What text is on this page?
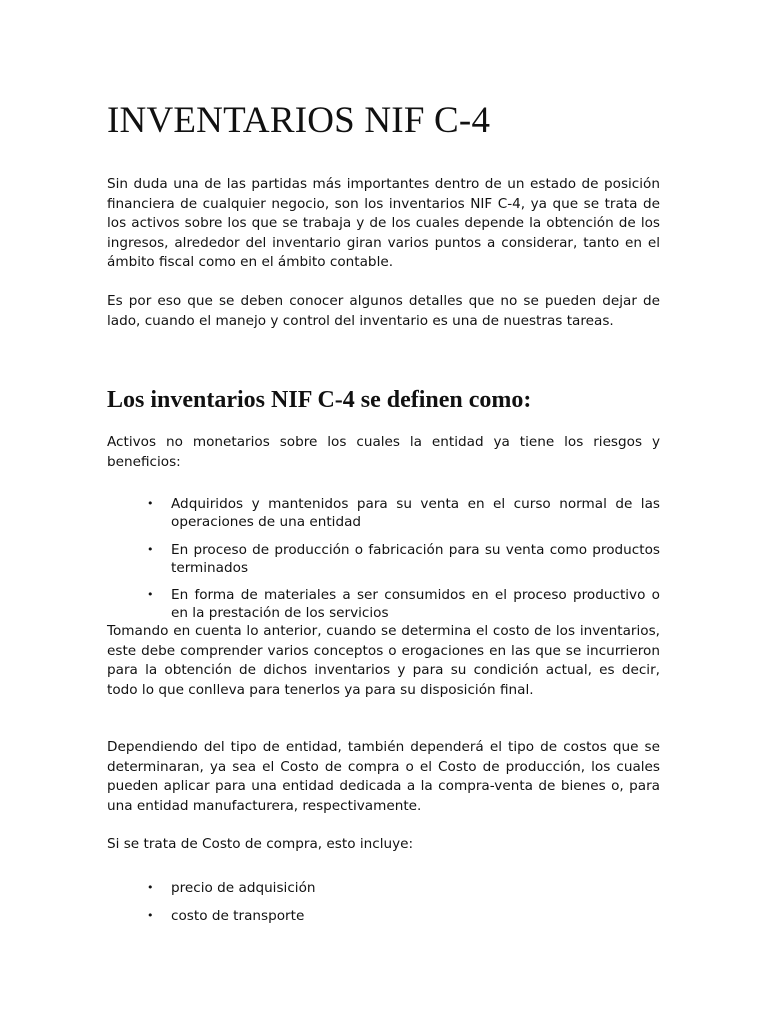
INVENTARIOS NIF C-4

Sin duda una de las partidas más importantes dentro de un estado de posición financiera de cualquier negocio, son los inventarios NIF C-4, ya que se trata de los activos sobre los que se trabaja y de los cuales depende la obtención de los ingresos, alrededor del inventario giran varios puntos a considerar, tanto en el ámbito fiscal como en el ámbito contable.

Es por eso que se deben conocer algunos detalles que no se pueden dejar de lado, cuando el manejo y control del inventario es una de nuestras tareas.

Los inventarios NIF C-4 se definen como:

Activos no monetarios sobre los cuales la entidad ya tiene los riesgos y beneficios:

• Adquiridos y mantenidos para su venta en el curso normal de las operaciones de una entidad
• En proceso de producción o fabricación para su venta como productos terminados
• En forma de materiales a ser consumidos en el proceso productivo o en la prestación de los servicios

Tomando en cuenta lo anterior, cuando se determina el costo de los inventarios, este debe comprender varios conceptos o erogaciones en las que se incurrieron para la obtención de dichos inventarios y para su condición actual, es decir, todo lo que conlleva para tenerlos ya para su disposición final.

Dependiendo del tipo de entidad, también dependerá el tipo de costos que se determinaran, ya sea el Costo de compra o el Costo de producción, los cuales pueden aplicar para una entidad dedicada a la compra-venta de bienes o, para una entidad manufacturera, respectivamente.

Si se trata de Costo de compra, esto incluye:

• precio de adquisición
• costo de transporte
